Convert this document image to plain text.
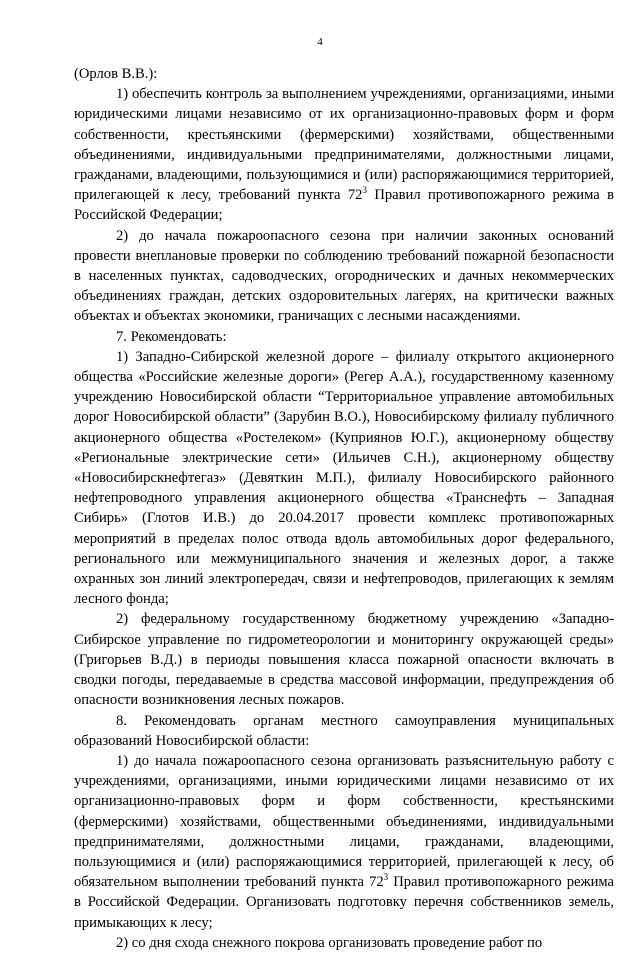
4

(Орлов В.В.):

1) обеспечить контроль за выполнением учреждениями, организациями, иными юридическими лицами независимо от их организационно-правовых форм и форм собственности, крестьянскими (фермерскими) хозяйствами, общественными объединениями, индивидуальными предпринимателями, должностными лицами, гражданами, владеющими, пользующимися и (или) распоряжающимися территорией, прилегающей к лесу, требований пункта $72^3$ Правил противопожарного режима в Российской Федерации;

2) до начала пожароопасного сезона при наличии законных оснований провести внеплановые проверки по соблюдению требований пожарной безопасности в населенных пунктах, садоводческих, огороднических и дачных некоммерческих объединениях граждан, детских оздоровительных лагерях, на критически важных объектах и объектах экономики, граничащих с лесными насаждениями.

7. Рекомендовать:

1) Западно-Сибирской железной дороге – филиалу открытого акционерного общества «Российские железные дороги» (Регер А.А.), государственному казенному учреждению Новосибирской области “Территориальное управление автомобильных дорог Новосибирской области” (Зарубин В.О.), Новосибирскому филиалу публичного акционерного общества «Ростелеком» (Куприянов Ю.Г.), акционерному обществу «Региональные электрические сети» (Ильичев С.Н.), акционерному обществу «Новосибирскнефтегаз» (Девяткин М.П.), филиалу Новосибирского районного нефтепроводного управления акционерного общества «Транснефть – Западная Сибирь» (Глотов И.В.) до 20.04.2017 провести комплекс противопожарных мероприятий в пределах полос отвода вдоль автомобильных дорог федерального, регионального или межмуниципального значения и железных дорог, а также охранных зон линий электропередач, связи и нефтепроводов, прилегающих к землям лесного фонда;

2) федеральному государственному бюджетному учреждению «Западно-Сибирское управление по гидрометеорологии и мониторингу окружающей среды» (Григорьев В.Д.) в периоды повышения класса пожарной опасности включать в сводки погоды, передаваемые в средства массовой информации, предупреждения об опасности возникновения лесных пожаров.

8. Рекомендовать органам местного самоуправления муниципальных образований Новосибирской области:

1) до начала пожароопасного сезона организовать разъяснительную работу с учреждениями, организациями, иными юридическими лицами независимо от их организационно-правовых форм и форм собственности, крестьянскими (фермерскими) хозяйствами, общественными объединениями, индивидуальными предпринимателями, должностными лицами, гражданами, владеющими, пользующимися и (или) распоряжающимися территорией, прилегающей к лесу, об обязательном выполнении требований пункта $72^3$ Правил противопожарного режима в Российской Федерации. Организовать подготовку перечня собственников земель, примыкающих к лесу;

2) со дня схода снежного покрова организовать проведение работ по
